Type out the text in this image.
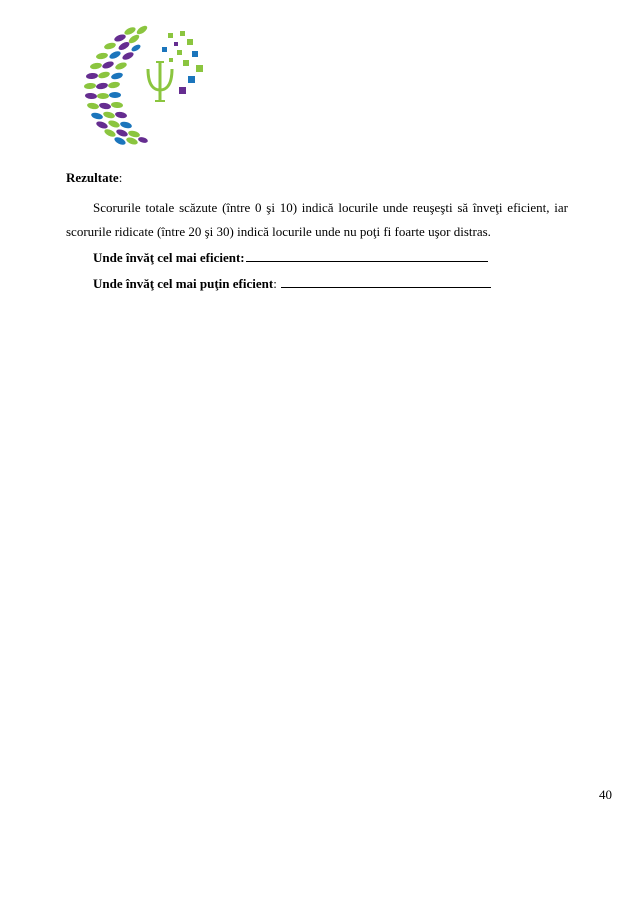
Rezultate:
Scorurile totale scăzute (între 0 şi 10) indică locurile unde reuşeşti să înveţi eficient, iar scorurile ridicate (între 20 şi 30) indică locurile unde nu poţi fi foarte uşor distras.
Unde învăţ cel mai eficient:
Unde învăţ cel mai puţin eficient:
40
